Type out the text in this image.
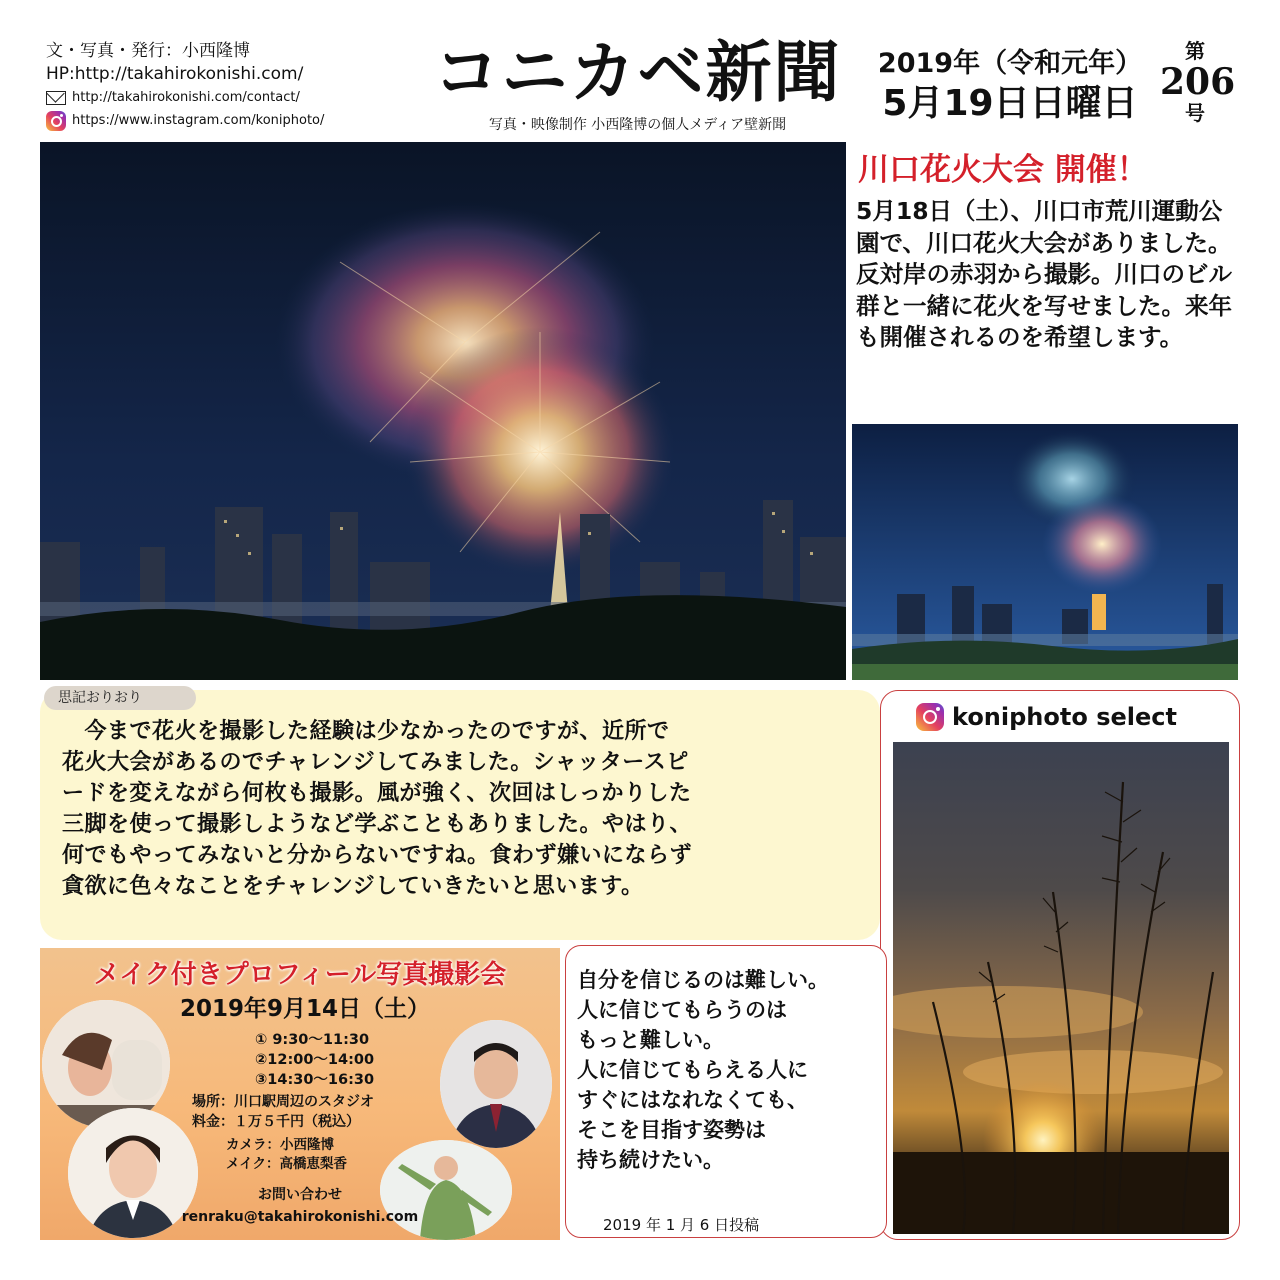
文・写真・発行：小西隆博
HP:http://takahirokonishi.com/
http://takahirokonishi.com/contact/
https://www.instagram.com/koniphoto/
コニカベ新聞
写真・映像制作 小西隆博の個人メディア壁新聞
2019年（令和元年）
5月19日日曜日
第
206
号
川口花火大会 開催！
5月18日（土）、川口市荒川運動公園で、川口花火大会がありました。反対岸の赤羽から撮影。川口のビル群と一緒に花火を写せました。来年も開催されるのを希望します。
　今まで花火を撮影した経験は少なかったのですが、近所で
花火大会があるのでチャレンジしてみました。シャッタースピ
ードを変えながら何枚も撮影。風が強く、次回はしっかりした
三脚を使って撮影しようなど学ぶこともありました。やはり、
何でもやってみないと分からないですね。食わず嫌いにならず
貪欲に色々なことをチャレンジしていきたいと思います。
思記おりおり
メイク付きプロフィール写真撮影会
2019年9月14日（土）
① 9:30〜11:30
②12:00〜14:00
③14:30〜16:30
場所：川口駅周辺のスタジオ
料金：１万５千円（税込）
カメラ：小西隆博
メイク：高橋恵梨香
お問い合わせ
renraku@takahirokonishi.com
koniphoto select
自分を信じるのは難しい。
人に信じてもらうのは
もっと難しい。
人に信じてもらえる人に
すぐにはなれなくても、
そこを目指す姿勢は
持ち続けたい。
2019 年 1 月 6 日投稿
